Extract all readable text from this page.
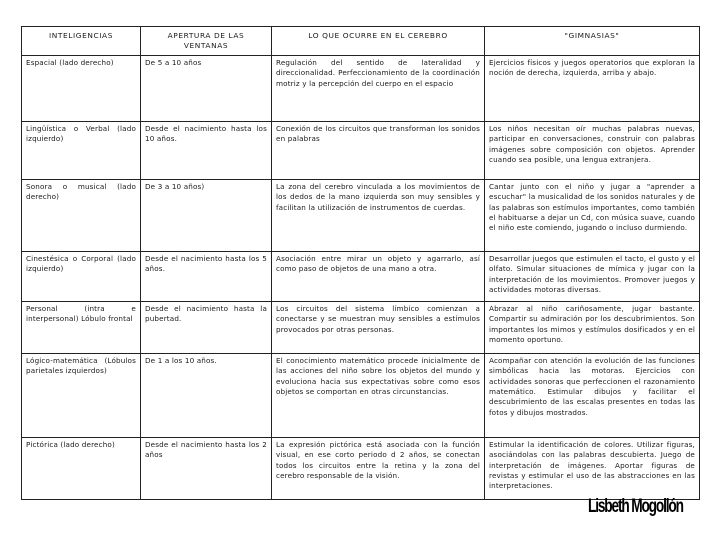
INTELIGENCIAS	APERTURA DE LAS VENTANAS	LO QUE OCURRE EN EL CEREBRO	"GIMNASIAS"
Espacial (lado derecho)	De 5 a 10 años	Regulación del sentido de lateralidad y direccionalidad. Perfeccionamiento de la coordinación motriz y la percepción del cuerpo en el espacio	Ejercicios físicos y juegos operatorios que exploran la noción de derecha, izquierda, arriba y abajo.
Lingüística o Verbal (lado izquierdo)	Desde el nacimiento hasta los 10 años.	Conexión de los circuitos que transforman los sonidos en palabras	Los niños necesitan oír muchas palabras nuevas, participar en conversaciones, construir con palabras imágenes sobre composición con objetos. Aprender cuando sea posible, una lengua extranjera.
Sonora o musical (lado derecho)	De 3 a 10 años)	La zona del cerebro vinculada a los movimientos de los dedos de la mano izquierda son muy sensibles y facilitan la utilización de instrumentos de cuerdas.	Cantar junto con el niño y jugar a "aprender a escuchar" la musicalidad de los sonidos naturales y de las palabras son estímulos importantes, como también el habituarse a dejar un Cd, con música suave, cuando el niño este comiendo, jugando o incluso durmiendo.
Cinestésica o Corporal (lado izquierdo)	Desde el nacimiento hasta los 5 años.	Asociación entre mirar un objeto y agarrarlo, así como paso de objetos de una mano a otra.	Desarrollar juegos que estimulen el tacto, el gusto y el olfato. Simular situaciones de mímica y jugar con la interpretación de los movimientos. Promover juegos y actividades motoras diversas.
Personal (intra e interpersonal) Lóbulo frontal	Desde el nacimiento hasta la pubertad.	Los circuitos del sistema límbico comienzan a conectarse y se muestran muy sensibles a estímulos provocados por otras personas.	Abrazar al niño cariñosamente, jugar bastante. Compartir su admiración por los descubrimientos. Son importantes los mimos y estímulos dosificados y en el momento oportuno.
Lógico-matemática (Lóbulos parietales izquierdos)	De 1 a los 10 años.	El conocimiento matemático procede inicialmente de las acciones del niño sobre los objetos del mundo y evoluciona hacia sus expectativas sobre como esos objetos se comportan en otras circunstancias.	Acompañar con atención la evolución de las funciones simbólicas hacia las motoras. Ejercicios con actividades sonoras que perfeccionen el razonamiento matemático. Estimular dibujos y facilitar el descubrimiento de las escalas presentes en todas las fotos y dibujos mostrados.
Pictórica (lado derecho)	Desde el nacimiento hasta los 2 años	La expresión pictórica está asociada con la función visual, en ese corto periodo d 2 años, se conectan todos los circuitos entre la retina y la zona del cerebro responsable de la visión.	Estimular la identificación de colores. Utilizar figuras, asociándolas con las palabras descubierta. Juego de interpretación de imágenes. Aportar figuras de revistas y estimular el uso de las abstracciones en las interpretaciones.
Lisbeth Mogollón
